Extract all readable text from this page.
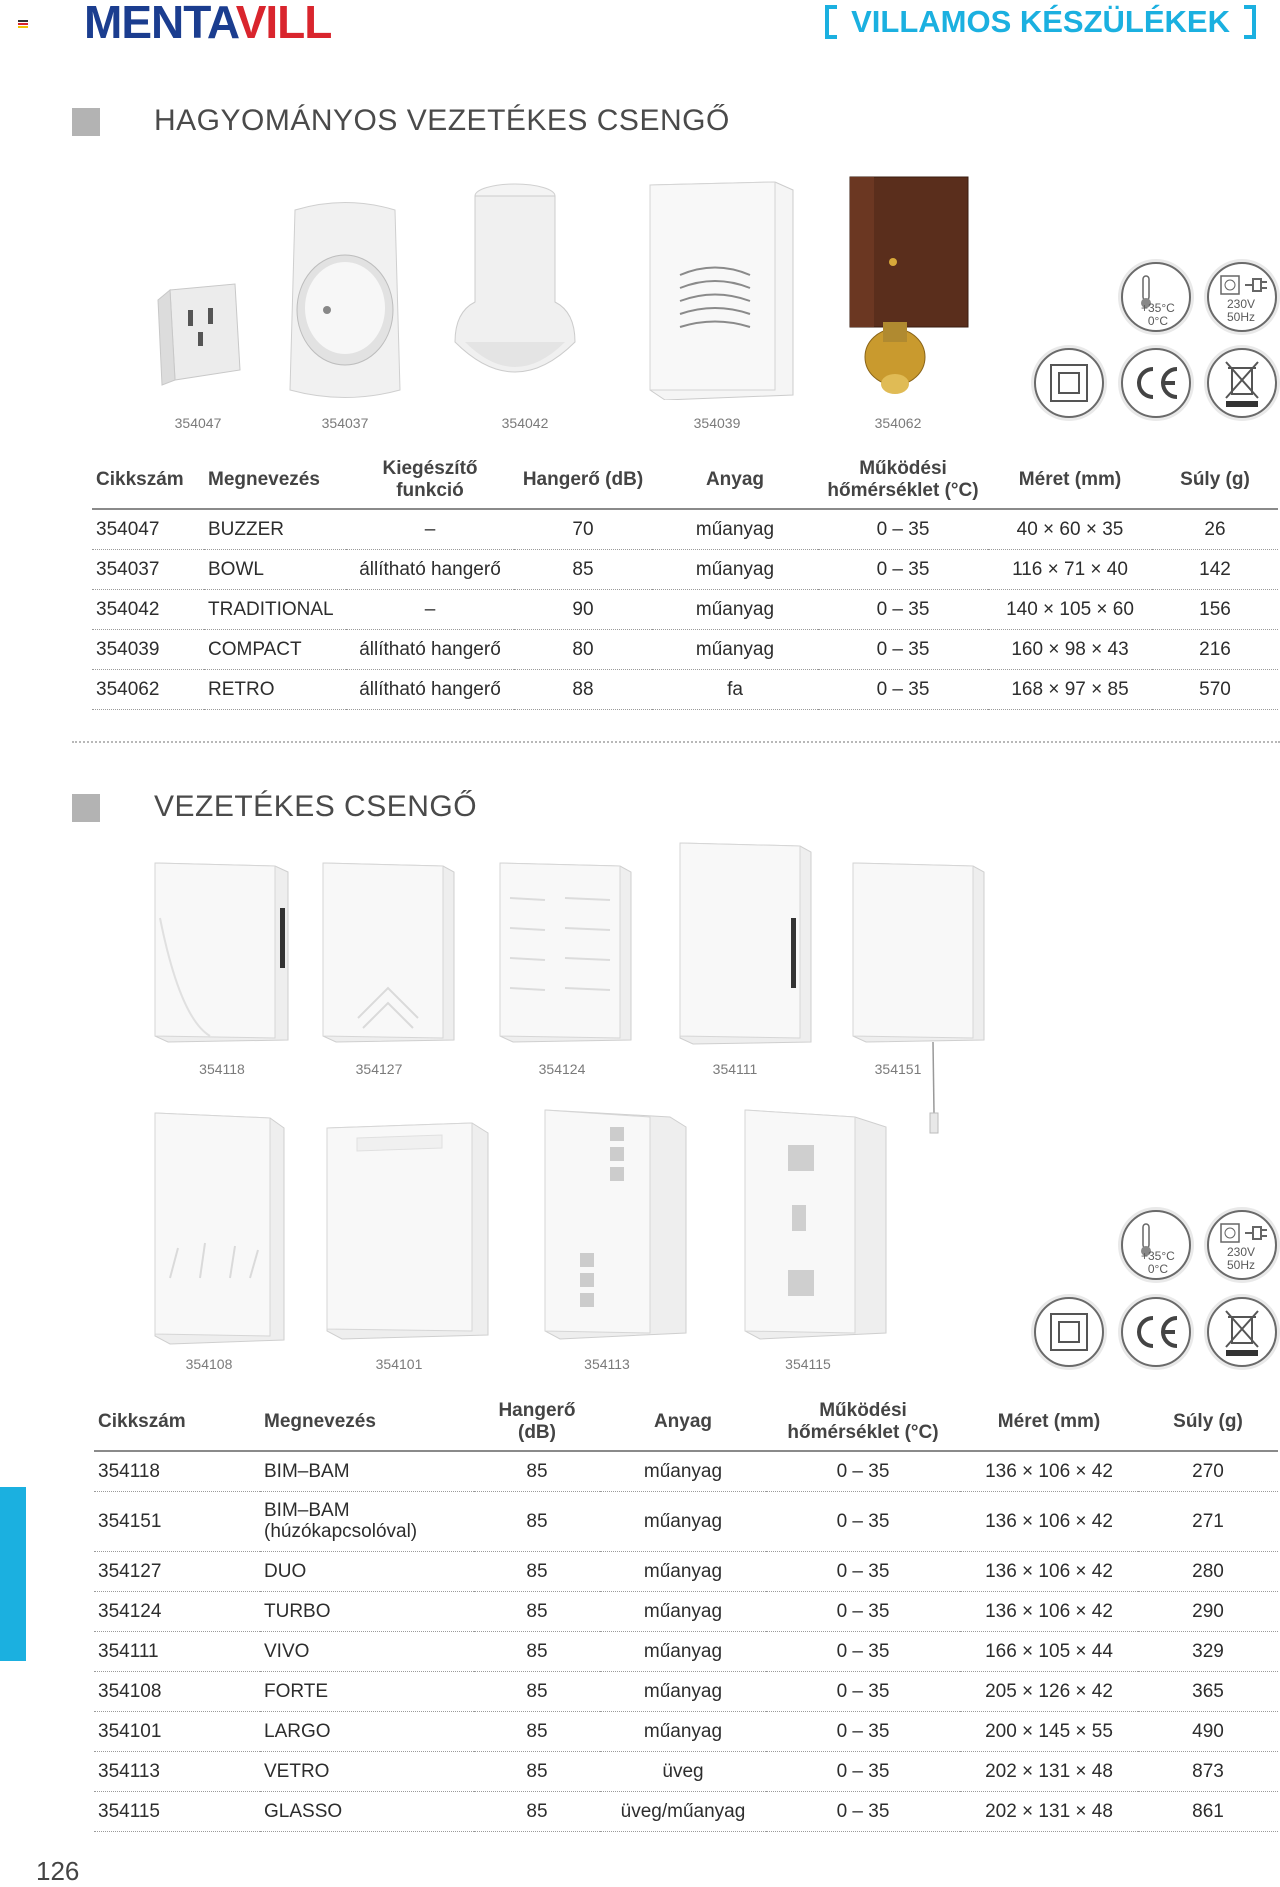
MENTAVILL	VILLAMOS KÉSZÜLÉKEK
HAGYOMÁNYOS VEZETÉKES CSENGŐ
354047	354037	354042	354039	354062
+35°C
0°C
230V
50Hz
Cikkszám	Megnevezés	Kiegészítő funkció	Hangerő (dB)	Anyag	Működési hőmérséklet (°C)	Méret (mm)	Súly (g)
354047	BUZZER	–	70	műanyag	0 – 35	40 × 60 × 35	26
354037	BOWL	állítható hangerő	85	műanyag	0 – 35	116 × 71 × 40	142
354042	TRADITIONAL	–	90	műanyag	0 – 35	140 × 105 × 60	156
354039	COMPACT	állítható hangerő	80	műanyag	0 – 35	160 × 98 × 43	216
354062	RETRO	állítható hangerő	88	fa	0 – 35	168 × 97 × 85	570
VEZETÉKES CSENGŐ
354118	354127	354124	354111	354151
354108	354101	354113	354115
+35°C
0°C
230V
50Hz
Cikkszám	Megnevezés	Hangerő (dB)	Anyag	Működési hőmérséklet (°C)	Méret (mm)	Súly (g)
354118	BIM–BAM	85	műanyag	0 – 35	136 × 106 × 42	270
354151	BIM–BAM (húzókapcsolóval)	85	műanyag	0 – 35	136 × 106 × 42	271
354127	DUO	85	műanyag	0 – 35	136 × 106 × 42	280
354124	TURBO	85	műanyag	0 – 35	136 × 106 × 42	290
354111	VIVO	85	műanyag	0 – 35	166 × 105 × 44	329
354108	FORTE	85	műanyag	0 – 35	205 × 126 × 42	365
354101	LARGO	85	műanyag	0 – 35	200 × 145 × 55	490
354113	VETRO	85	üveg	0 – 35	202 × 131 × 48	873
354115	GLASSO	85	üveg/műanyag	0 – 35	202 × 131 × 48	861
126
